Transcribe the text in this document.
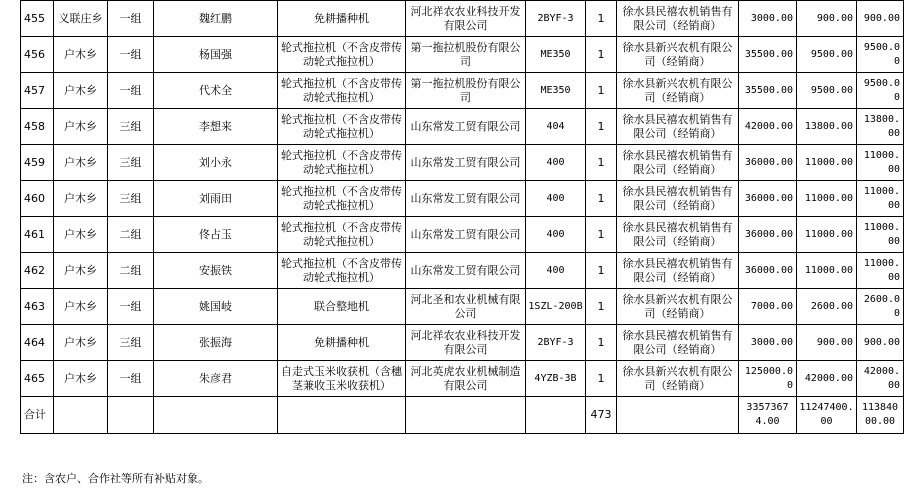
455	义联庄乡	一组	魏红鹏	免耕播种机	河北祥农农业科技开发有限公司	2BYF-3	1	徐水县民禧农机销售有限公司（经销商）	3000.00	900.00	900.00
456	户木乡	一组	杨国强	轮式拖拉机（不含皮带传动轮式拖拉机）	第一拖拉机股份有限公司	ME350	1	徐水县新兴农机有限公司（经销商）	35500.00	9500.00	9500.00
457	户木乡	一组	代术全	轮式拖拉机（不含皮带传动轮式拖拉机）	第一拖拉机股份有限公司	ME350	1	徐水县新兴农机有限公司（经销商）	35500.00	9500.00	9500.00
458	户木乡	三组	李想来	轮式拖拉机（不含皮带传动轮式拖拉机）	山东常发工贸有限公司	404	1	徐水县民禧农机销售有限公司（经销商）	42000.00	13800.00	13800.00
459	户木乡	三组	刘小永	轮式拖拉机（不含皮带传动轮式拖拉机）	山东常发工贸有限公司	400	1	徐水县民禧农机销售有限公司（经销商）	36000.00	11000.00	11000.00
460	户木乡	三组	刘雨田	轮式拖拉机（不含皮带传动轮式拖拉机）	山东常发工贸有限公司	400	1	徐水县民禧农机销售有限公司（经销商）	36000.00	11000.00	11000.00
461	户木乡	二组	佟占玉	轮式拖拉机（不含皮带传动轮式拖拉机）	山东常发工贸有限公司	400	1	徐水县民禧农机销售有限公司（经销商）	36000.00	11000.00	11000.00
462	户木乡	二组	安振铁	轮式拖拉机（不含皮带传动轮式拖拉机）	山东常发工贸有限公司	400	1	徐水县民禧农机销售有限公司（经销商）	36000.00	11000.00	11000.00
463	户木乡	一组	姚国岐	联合整地机	河北圣和农业机械有限公司	1SZL-200B	1	徐水县新兴农机有限公司（经销商）	7000.00	2600.00	2600.00
464	户木乡	三组	张振海	免耕播种机	河北祥农农业科技开发有限公司	2BYF-3	1	徐水县民禧农机销售有限公司（经销商）	3000.00	900.00	900.00
465	户木乡	一组	朱彦君	自走式玉米收获机（含穗茎兼收玉米收获机）	河北英虎农业机械制造有限公司	4YZB-3B	1	徐水县新兴农机有限公司（经销商）	125000.00	42000.00	42000.00
合计							473		33573674.00	11247400.00	11384000.00
注：含农户、合作社等所有补贴对象。
